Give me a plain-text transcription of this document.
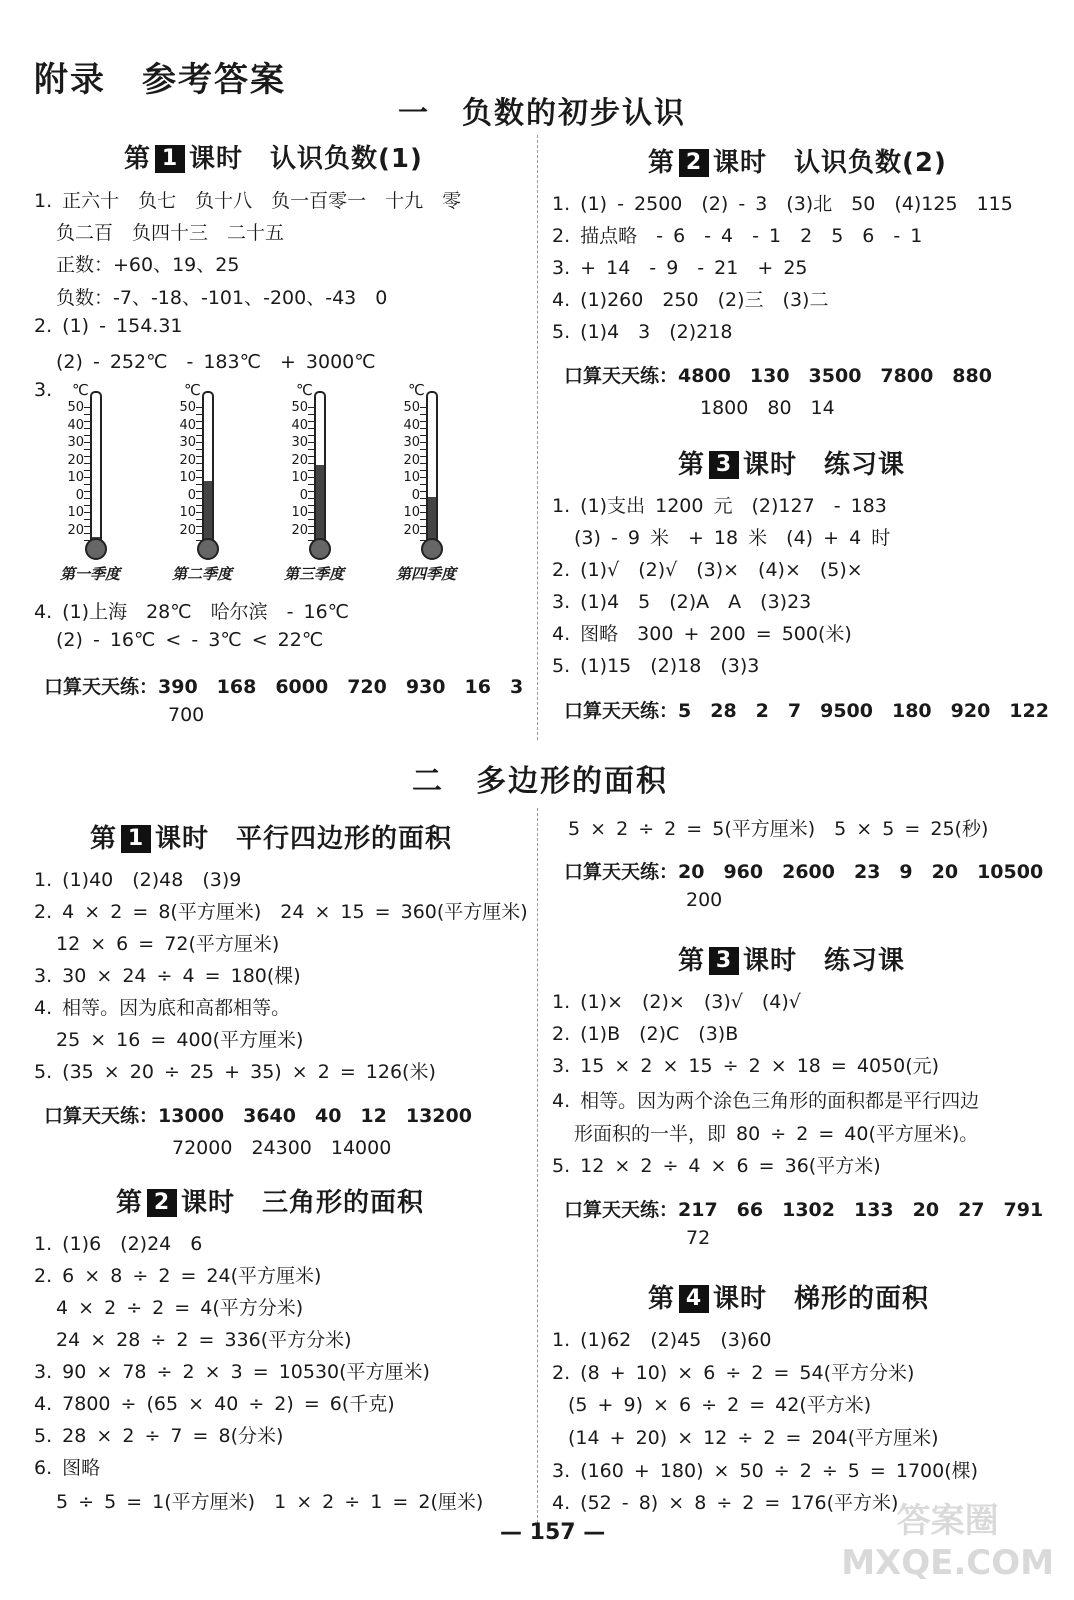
附录　参考答案
一　负数的初步认识
第 1 课时　认识负数(1)
1. 正六十　负七　负十八　负一百零一　十九　零
负二百　负四十三　二十五
正数：+60、19、25
负数：-7、-18、-101、-200、-43　0
2. (1) - 154.31
(2) - 252℃　- 183℃　+ 3000℃
3. ℃
50
40
30
20
10
0
10
20
℃
50
40
30
20
10
0
10
20
℃
50
40
30
20
10
0
10
20
℃
50
40
30
20
10
0
10
20
第一季度	第二季度	第三季度	第四季度
4. (1)上海　28℃　哈尔滨　- 16℃
(2) - 16℃ < - 3℃ < 22℃
口算天天练：390　168　6000　720　930　16　3
700
第 2 课时　认识负数(2)
1. (1) - 2500　(2) - 3　(3)北　50　(4)125　115
2. 描点略　- 6　- 4　- 1　2　5　6　- 1
3. + 14　- 9　- 21　+ 25
4. (1)260　250　(2)三　(3)二
5. (1)4　3　(2)218
口算天天练：4800　130　3500　7800　880
1800　80　14
第 3 课时　练习课
1. (1)支出 1200 元　(2)127　- 183
(3) - 9 米　+ 18 米　(4) + 4 时
2. (1)√　(2)√　(3)×　(4)×　(5)×
3. (1)4　5　(2)A　A　(3)23
4. 图略　300 + 200 = 500(米)
5. (1)15　(2)18　(3)3
口算天天练：5　28　2　7　9500　180　920　122
二　多边形的面积
第 1 课时　平行四边形的面积
1. (1)40　(2)48　(3)9
2. 4 × 2 = 8(平方厘米)　24 × 15 = 360(平方厘米)
12 × 6 = 72(平方厘米)
3. 30 × 24 ÷ 4 = 180(棵)
4. 相等。因为底和高都相等。
25 × 16 = 400(平方厘米)
5. (35 × 20 ÷ 25 + 35) × 2 = 126(米)
口算天天练：13000　3640　40　12　13200
72000　24300　14000
第 2 课时　三角形的面积
1. (1)6　(2)24　6
2. 6 × 8 ÷ 2 = 24(平方厘米)
4 × 2 ÷ 2 = 4(平方分米)
24 × 28 ÷ 2 = 336(平方分米)
3. 90 × 78 ÷ 2 × 3 = 10530(平方厘米)
4. 7800 ÷ (65 × 40 ÷ 2) = 6(千克)
5. 28 × 2 ÷ 7 = 8(分米)
6. 图略
5 ÷ 5 = 1(平方厘米)　1 × 2 ÷ 1 = 2(厘米)
5 × 2 ÷ 2 = 5(平方厘米)　5 × 5 = 25(秒)
口算天天练：20　960　2600　23　9　20　10500
200
第 3 课时　练习课
1. (1)×　(2)×　(3)√　(4)√
2. (1)B　(2)C　(3)B
3. 15 × 2 × 15 ÷ 2 × 18 = 4050(元)
4. 相等。因为两个涂色三角形的面积都是平行四边
形面积的一半，即 80 ÷ 2 = 40(平方厘米)。
5. 12 × 2 ÷ 4 × 6 = 36(平方米)
口算天天练：217　66　1302　133　20　27　791
72
第 4 课时　梯形的面积
1. (1)62　(2)45　(3)60
2. (8 + 10) × 6 ÷ 2 = 54(平方分米)
(5 + 9) × 6 ÷ 2 = 42(平方米)
(14 + 20) × 12 ÷ 2 = 204(平方厘米)
3. (160 + 180) × 50 ÷ 2 ÷ 5 = 1700(棵)
4. (52 - 8) × 8 ÷ 2 = 176(平方米)
— 157 —	答案圈
MXQE.COM
